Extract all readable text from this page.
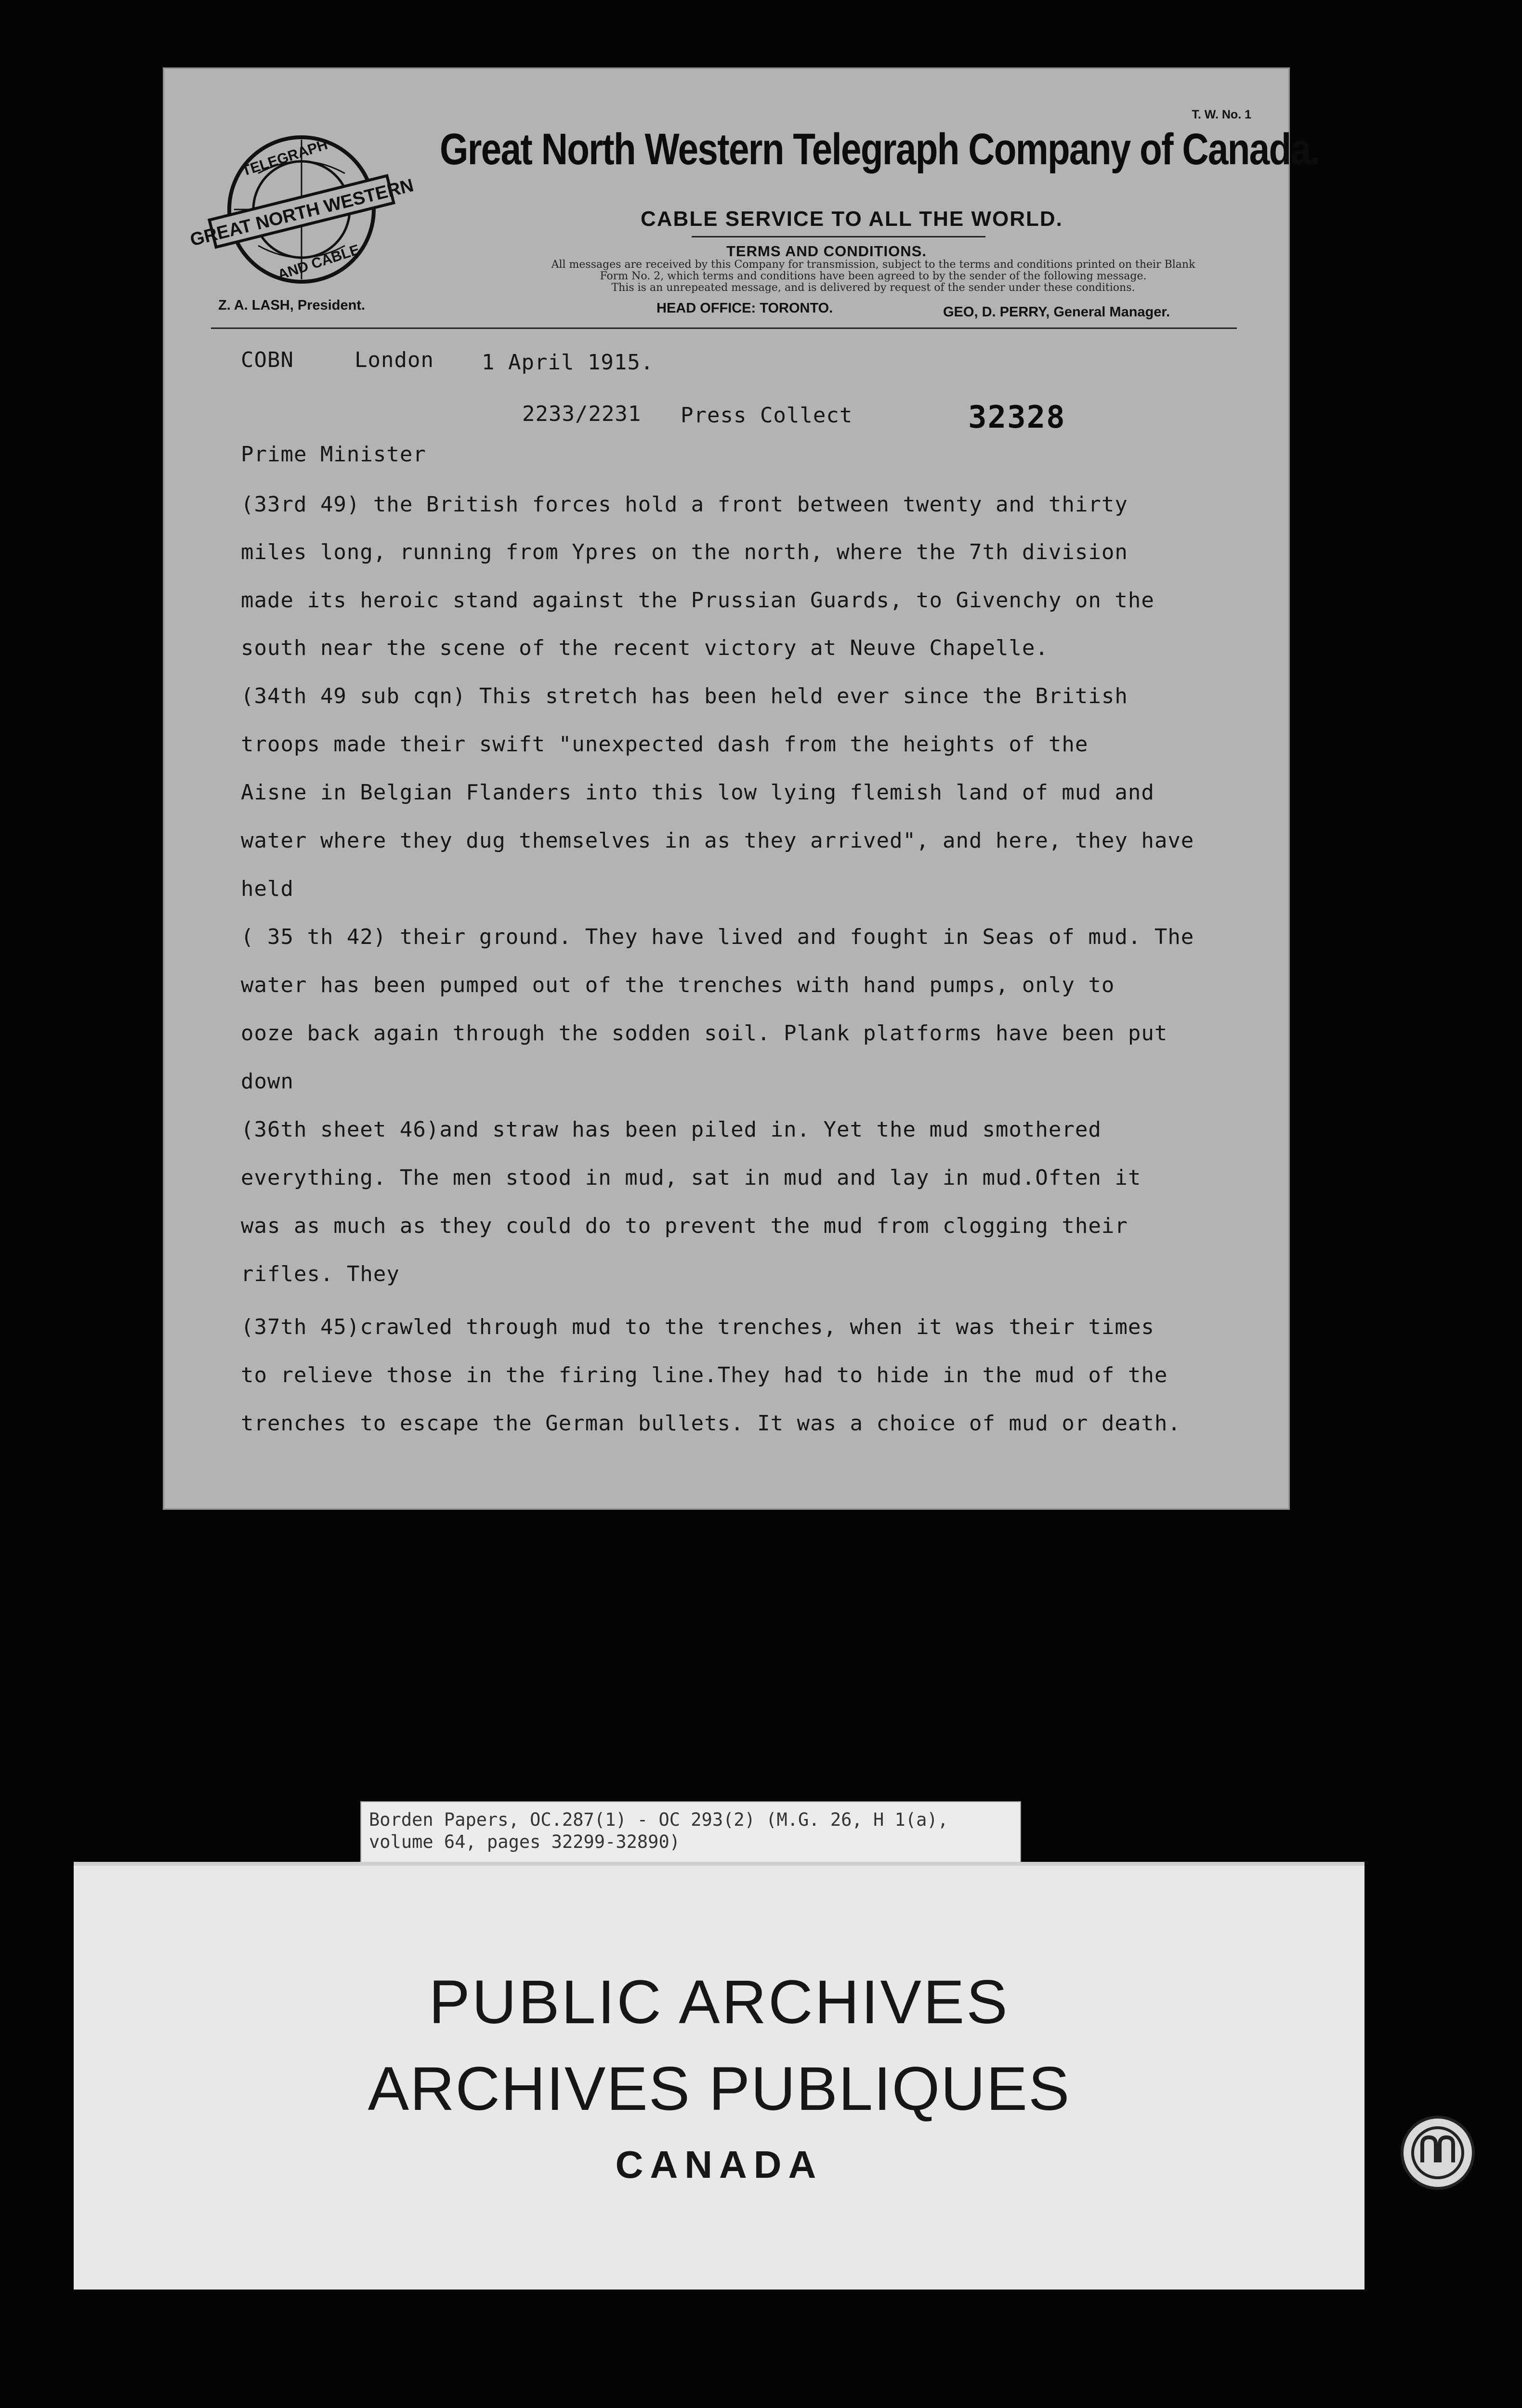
GREAT NORTH WESTERN
TELEGRAPH
AND CABLE
T. W. No. 1
Great North Western Telegraph Company of Canada.
CABLE SERVICE TO ALL THE WORLD.
TERMS AND CONDITIONS.
All messages are received by this Company for transmission, subject to the terms and conditions printed on their Blank
Form No. 2, which terms and conditions have been agreed to by the sender of the following message.
This is an unrepeated message, and is delivered by request of the sender under these conditions.
Z. A. LASH, President.	HEAD OFFICE: TORONTO.	GEO, D. PERRY, General Manager.
COBN	London 1 April 1915.
2233/2231 Press Collect	32328
Prime Minister
(33rd 49) the British forces hold a front between twenty and thirty
miles long, running from Ypres on the north, where the 7th division
made its heroic stand against the Prussian Guards, to Givenchy on the
south near the scene of the recent victory at Neuve Chapelle.
(34th 49 sub cqn) This stretch has been held ever since the British
troops made their swift "unexpected dash from the heights of the
Aisne in Belgian Flanders into this low lying flemish land of mud and
water where they dug themselves in as they arrived", and here, they have
held
( 35 th 42) their ground. They have lived and fought in Seas of mud. The
water has been pumped out of the trenches with hand pumps, only to
ooze back again through the sodden soil. Plank platforms have been put
down
(36th sheet 46)and straw has been piled in. Yet the mud smothered
everything. The men stood in mud, sat in mud and lay in mud.Often it
was as much as they could do to prevent the mud from clogging their
rifles. They
(37th 45)crawled through mud to the trenches, when it was their times
to relieve those in the firing line.They had to hide in the mud of the
trenches to escape the German bullets. It was a choice of mud or death.
Borden Papers, OC.287(1) - OC 293(2) (M.G. 26, H 1(a),
volume 64, pages 32299-32890)
PUBLIC ARCHIVES
ARCHIVES PUBLIQUES
CANADA
